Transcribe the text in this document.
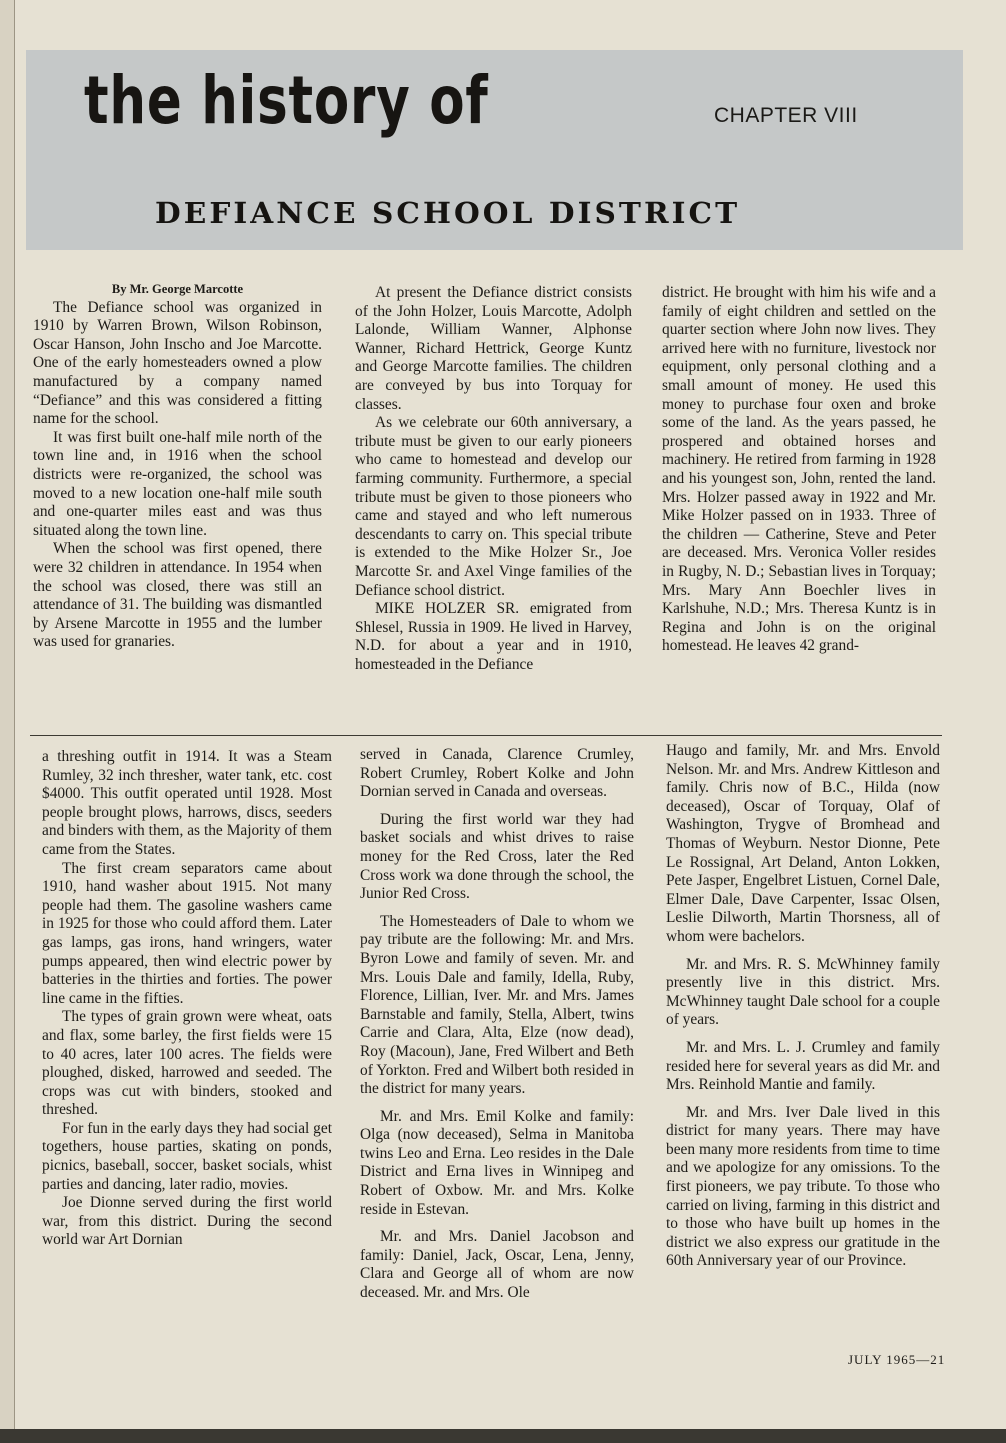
the history of	CHAPTER VIII
DEFIANCE SCHOOL DISTRICT

By Mr. George Marcotte

The Defiance school was organized in 1910 by Warren Brown, Wilson Robinson, Oscar Hanson, John Inscho and Joe Marcotte. One of the early homesteaders owned a plow manufactured by a company named “Defiance” and this was considered a fitting name for the school.

It was first built one-half mile north of the town line and, in 1916 when the school districts were re-organized, the school was moved to a new location one-half mile south and one-quarter miles east and was thus situated along the town line.

When the school was first opened, there were 32 children in attendance. In 1954 when the school was closed, there was still an attendance of 31. The building was dismantled by Arsene Marcotte in 1955 and the lumber was used for granaries.

At present the Defiance district consists of the John Holzer, Louis Marcotte, Adolph Lalonde, William Wanner, Alphonse Wanner, Richard Hettrick, George Kuntz and George Marcotte families. The children are conveyed by bus into Torquay for classes.

As we celebrate our 60th anniversary, a tribute must be given to our early pioneers who came to homestead and develop our farming community. Furthermore, a special tribute must be given to those pioneers who came and stayed and who left numerous descendants to carry on. This special tribute is extended to the Mike Holzer Sr., Joe Marcotte Sr. and Axel Vinge families of the Defiance school district.

MIKE HOLZER SR. emigrated from Shlesel, Russia in 1909. He lived in Harvey, N.D. for about a year and in 1910, homesteaded in the Defiance

district. He brought with him his wife and a family of eight children and settled on the quarter section where John now lives. They arrived here with no furniture, livestock nor equipment, only personal clothing and a small amount of money. He used this money to purchase four oxen and broke some of the land. As the years passed, he prospered and obtained horses and machinery. He retired from farming in 1928 and his youngest son, John, rented the land. Mrs. Holzer passed away in 1922 and Mr. Mike Holzer passed on in 1933. Three of the children — Catherine, Steve and Peter are deceased. Mrs. Veronica Voller resides in Rugby, N. D.; Sebastian lives in Torquay; Mrs. Mary Ann Boechler lives in Karlshuhe, N.D.; Mrs. Theresa Kuntz is in Regina and John is on the original homestead. He leaves 42 grand-

a threshing outfit in 1914. It was a Steam Rumley, 32 inch thresher, water tank, etc. cost $4000. This outfit operated until 1928. Most people brought plows, harrows, discs, seeders and binders with them, as the Majority of them came from the States.

The first cream separators came about 1910, hand washer about 1915. Not many people had them. The gasoline washers came in 1925 for those who could afford them. Later gas lamps, gas irons, hand wringers, water pumps appeared, then wind electric power by batteries in the thirties and forties. The power line came in the fifties.

The types of grain grown were wheat, oats and flax, some barley, the first fields were 15 to 40 acres, later 100 acres. The fields were ploughed, disked, harrowed and seeded. The crops was cut with binders, stooked and threshed.

For fun in the early days they had social get togethers, house parties, skating on ponds, picnics, baseball, soccer, basket socials, whist parties and dancing, later radio, movies.

Joe Dionne served during the first world war, from this district. During the second world war Art Dornian

served in Canada, Clarence Crumley, Robert Crumley, Robert Kolke and John Dornian served in Canada and overseas.

During the first world war they had basket socials and whist drives to raise money for the Red Cross, later the Red Cross work wa done through the school, the Junior Red Cross.

The Homesteaders of Dale to whom we pay tribute are the following: Mr. and Mrs. Byron Lowe and family of seven. Mr. and Mrs. Louis Dale and family, Idella, Ruby, Florence, Lillian, Iver. Mr. and Mrs. James Barnstable and family, Stella, Albert, twins Carrie and Clara, Alta, Elze (now dead), Roy (Macoun), Jane, Fred Wilbert and Beth of Yorkton. Fred and Wilbert both resided in the district for many years.

Mr. and Mrs. Emil Kolke and family: Olga (now deceased), Selma in Manitoba twins Leo and Erna. Leo resides in the Dale District and Erna lives in Winnipeg and Robert of Oxbow. Mr. and Mrs. Kolke reside in Estevan.

Mr. and Mrs. Daniel Jacobson and family: Daniel, Jack, Oscar, Lena, Jenny, Clara and George all of whom are now deceased. Mr. and Mrs. Ole

Haugo and family, Mr. and Mrs. Envold Nelson. Mr. and Mrs. Andrew Kittleson and family. Chris now of B.C., Hilda (now deceased), Oscar of Torquay, Olaf of Washington, Trygve of Bromhead and Thomas of Weyburn. Nestor Dionne, Pete Le Rossignal, Art Deland, Anton Lokken, Pete Jasper, Engelbret Listuen, Cornel Dale, Elmer Dale, Dave Carpenter, Issac Olsen, Leslie Dilworth, Martin Thorsness, all of whom were bachelors.

Mr. and Mrs. R. S. McWhinney family presently live in this district. Mrs. McWhinney taught Dale school for a couple of years.

Mr. and Mrs. L. J. Crumley and family resided here for several years as did Mr. and Mrs. Reinhold Mantie and family.

Mr. and Mrs. Iver Dale lived in this district for many years. There may have been many more residents from time to time and we apologize for any omissions. To the first pioneers, we pay tribute. To those who carried on living, farming in this district and to those who have built up homes in the district we also express our gratitude in the 60th Anniversary year of our Province.

JULY 1965—21
